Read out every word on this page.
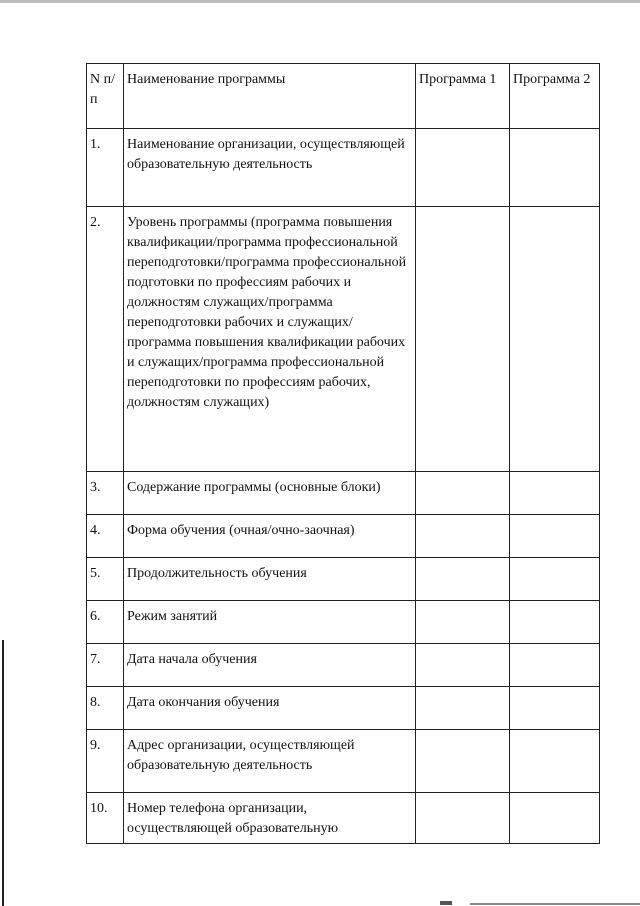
N п/п	Наименование программы	Программа 1	Программа 2
1.	Наименование организации, осуществляющей образовательную деятельность		
2.	Уровень программы (программа повышения квалификации/программа профессиональной переподготовки/программа профессиональной подготовки по профессиям рабочих и должностям служащих/программа переподготовки рабочих и служащих/программа повышения квалификации рабочих и служащих/программа профессиональной переподготовки по профессиям рабочих, должностям служащих)		
3.	Содержание программы (основные блоки)		
4.	Форма обучения (очная/очно-заочная)		
5.	Продолжительность обучения		
6.	Режим занятий		
7.	Дата начала обучения		
8.	Дата окончания обучения		
9.	Адрес организации, осуществляющей образовательную деятельность		
10.	Номер телефона организации, осуществляющей образовательную		
